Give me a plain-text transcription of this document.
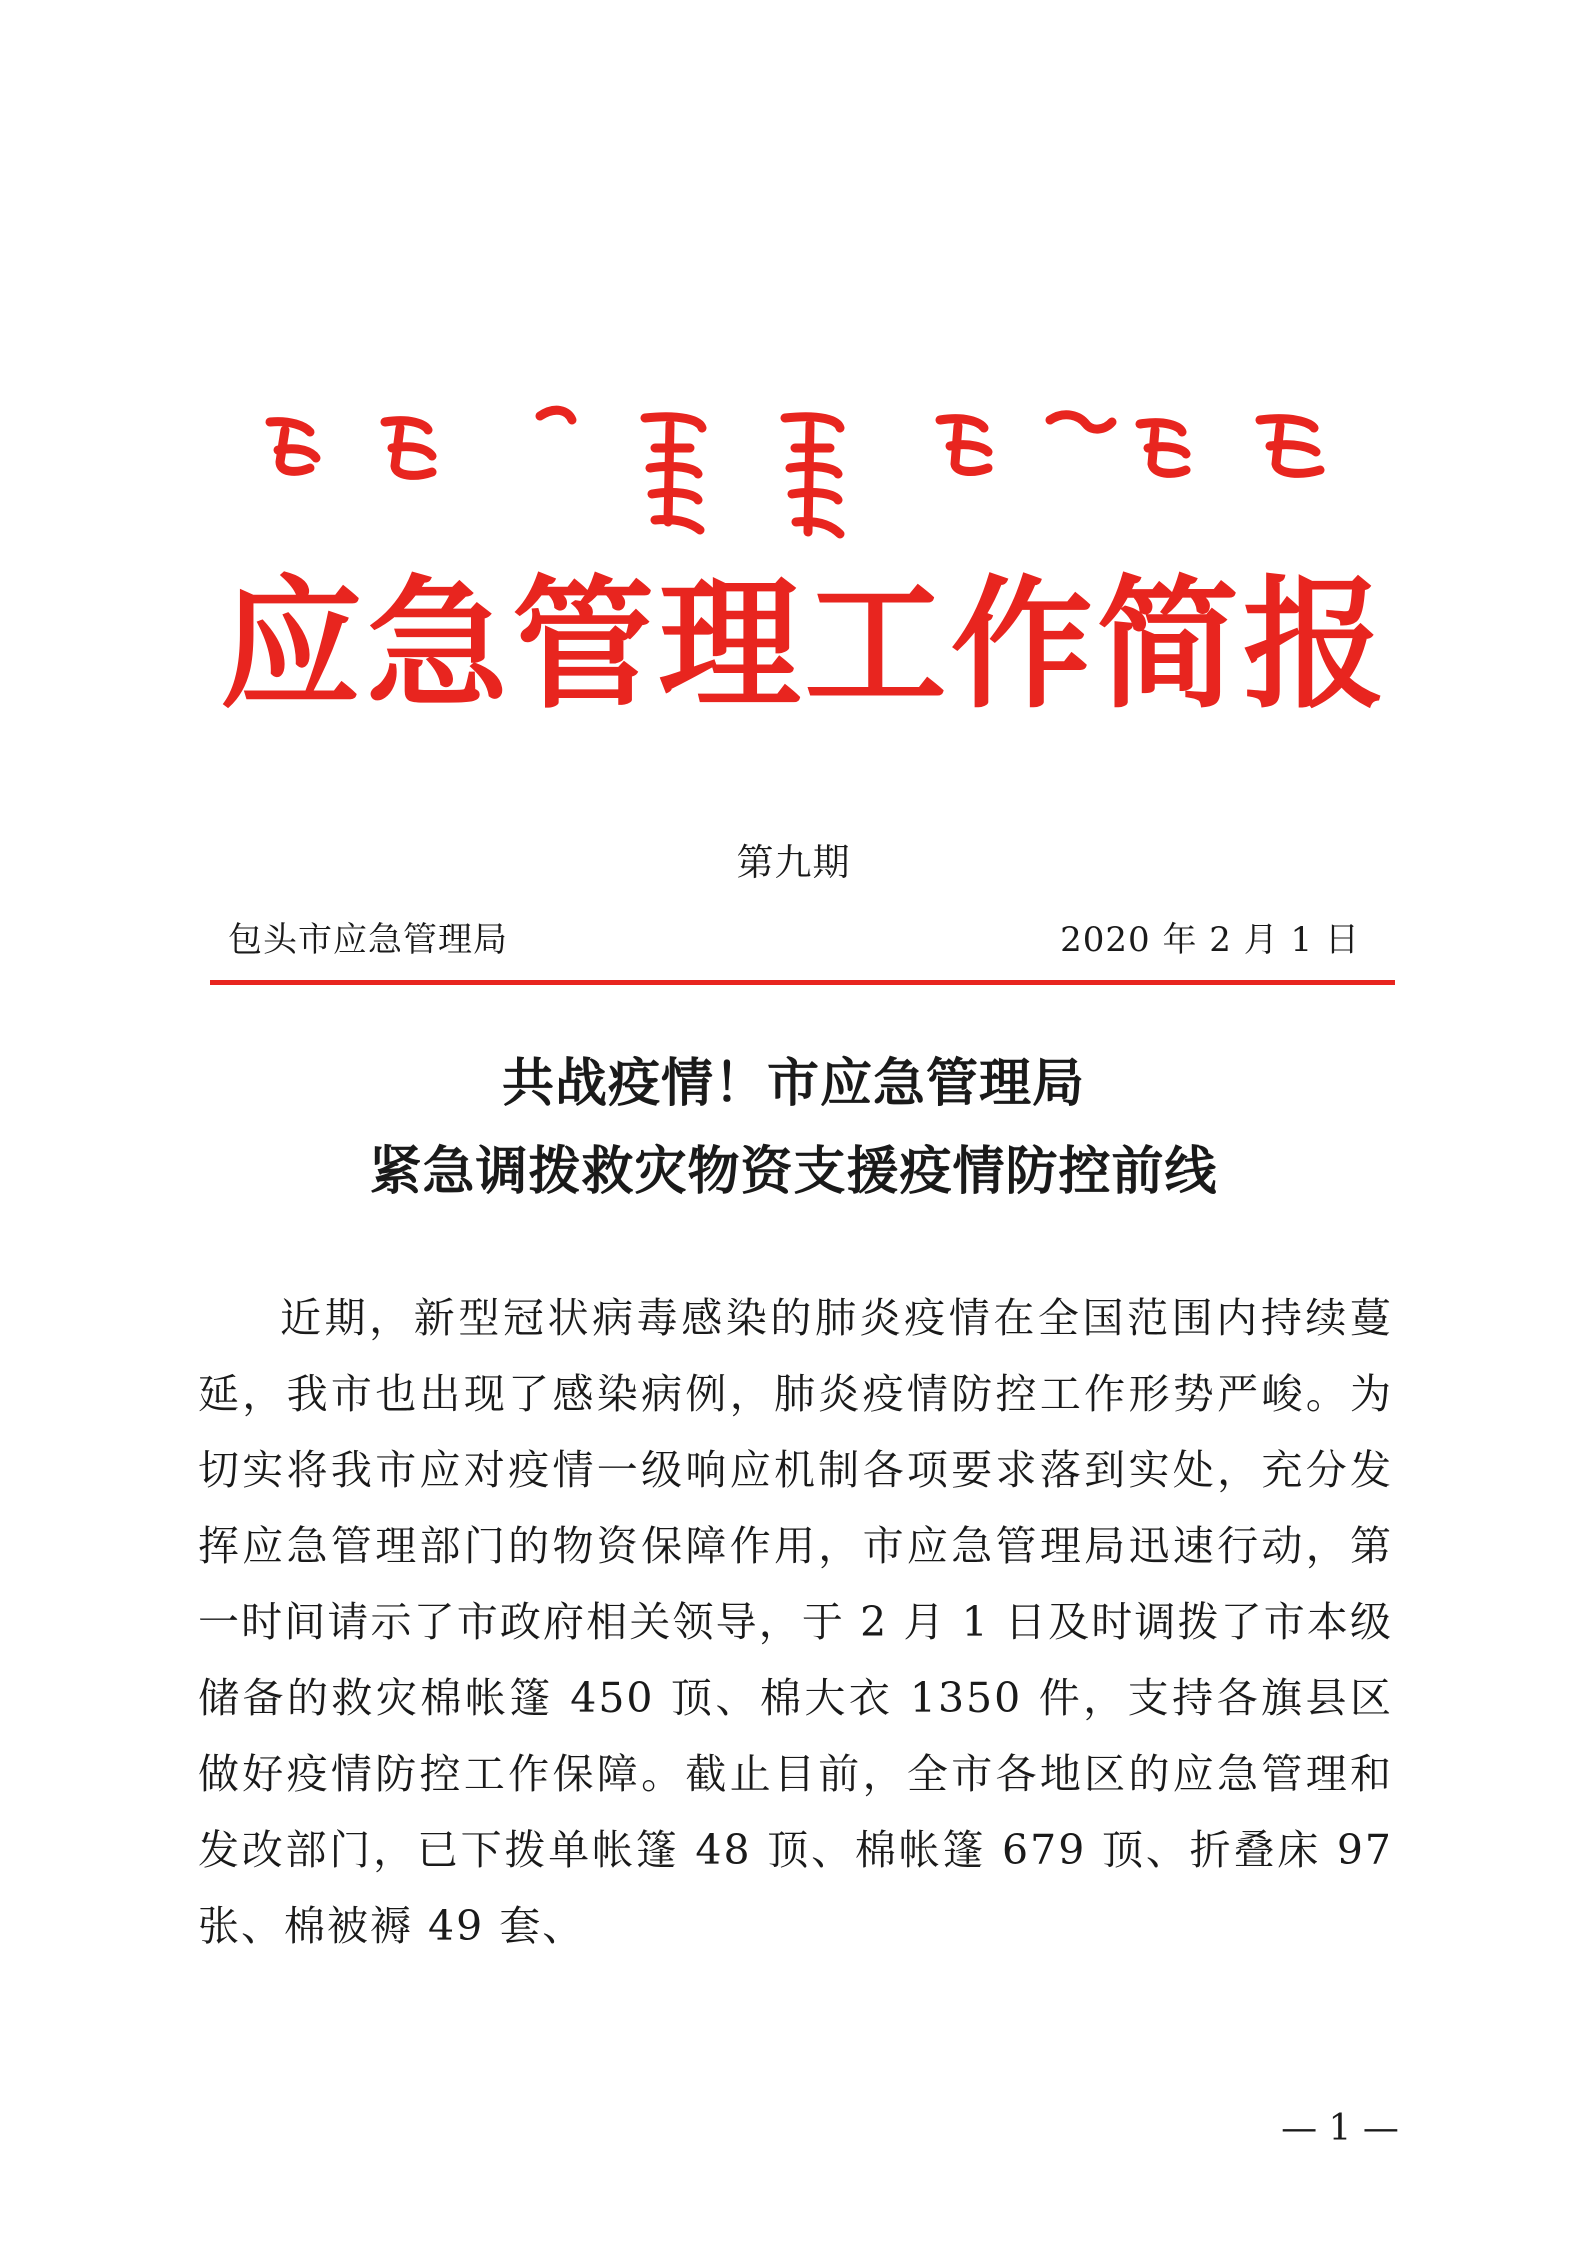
应 急 管 理 工 作 简 报
第九期
包头市应急管理局	2020 年 2 月 1 日
共战疫情！市应急管理局
紧急调拨救灾物资支援疫情防控前线
近期，新型冠状病毒感染的肺炎疫情在全国范围内持续蔓延，我市也出现了感染病例，肺炎疫情防控工作形势严峻。为切实将我市应对疫情一级响应机制各项要求落到实处，充分发挥应急管理部门的物资保障作用，市应急管理局迅速行动，第一时间请示了市政府相关领导，于 2 月 1 日及时调拨了市本级储备的救灾棉帐篷 450 顶、棉大衣 1350 件，支持各旗县区做好疫情防控工作保障。截止目前，全市各地区的应急管理和发改部门，已下拨单帐篷 48 顶、棉帐篷 679 顶、折叠床 97 张、棉被褥 49 套、
— 1 —
